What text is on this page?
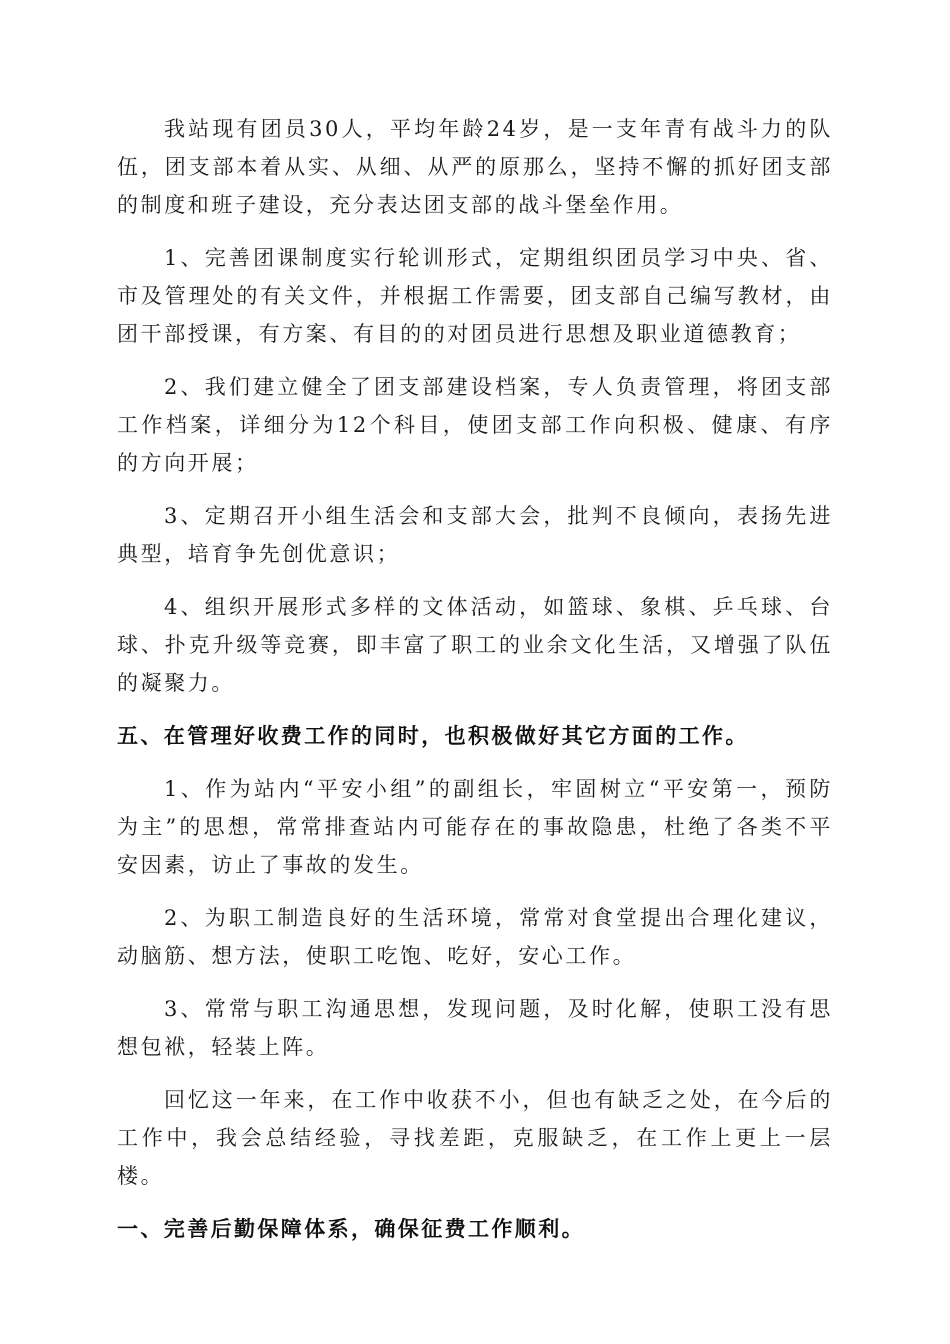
我站现有团员30人，平均年龄24岁，是一支年青有战斗力的队伍，团支部本着从实、从细、从严的原那么，坚持不懈的抓好团支部的制度和班子建设，充分表达团支部的战斗堡垒作用。

1、完善团课制度实行轮训形式，定期组织团员学习中央、省、市及管理处的有关文件，并根据工作需要，团支部自己编写教材，由团干部授课，有方案、有目的的对团员进行思想及职业道德教育；

2、我们建立健全了团支部建设档案，专人负责管理，将团支部工作档案，详细分为12个科目，使团支部工作向积极、健康、有序的方向开展；

3、定期召开小组生活会和支部大会，批判不良倾向，表扬先进典型，培育争先创优意识；

4、组织开展形式多样的文体活动，如篮球、象棋、乒乓球、台球、扑克升级等竞赛，即丰富了职工的业余文化生活，又增强了队伍的凝聚力。

五、在管理好收费工作的同时，也积极做好其它方面的工作。

1、作为站内“平安小组”的副组长，牢固树立“平安第一，预防为主”的思想，常常排查站内可能存在的事故隐患，杜绝了各类不平安因素，访止了事故的发生。

2、为职工制造良好的生活环境，常常对食堂提出合理化建议，动脑筋、想方法，使职工吃饱、吃好，安心工作。

3、常常与职工沟通思想，发现问题，及时化解，使职工没有思想包袱，轻装上阵。

回忆这一年来，在工作中收获不小，但也有缺乏之处，在今后的工作中，我会总结经验，寻找差距，克服缺乏，在工作上更上一层楼。

一、完善后勤保障体系，确保征费工作顺利。
